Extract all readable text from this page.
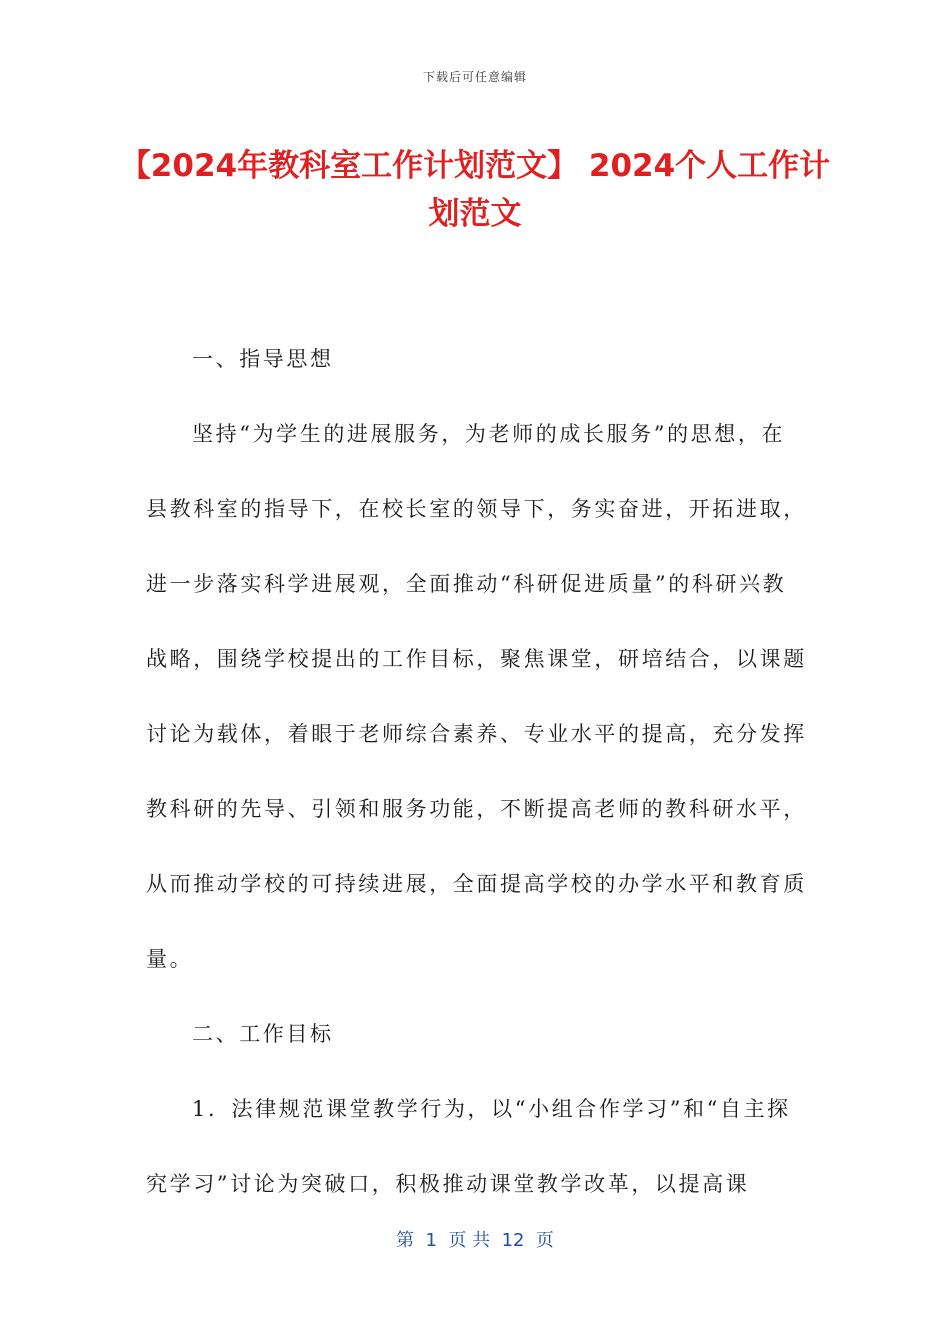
下载后可任意编辑
【2024年教科室工作计划范文】 2024个人工作计划范文

一、指导思想

坚持“为学生的进展服务，为老师的成长服务”的思想，在县教科室的指导下，在校长室的领导下，务实奋进，开拓进取，进一步落实科学进展观，全面推动“科研促进质量”的科研兴教战略，围绕学校提出的工作目标，聚焦课堂，研培结合，以课题讨论为载体，着眼于老师综合素养、专业水平的提高，充分发挥教科研的先导、引领和服务功能，不断提高老师的教科研水平，从而推动学校的可持续进展，全面提高学校的办学水平和教育质量。

二、工作目标

1．法律规范课堂教学行为，以“小组合作学习”和“自主探究学习”讨论为突破口，积极推动课堂教学改革，以提高课

第  1  页 共  12  页
